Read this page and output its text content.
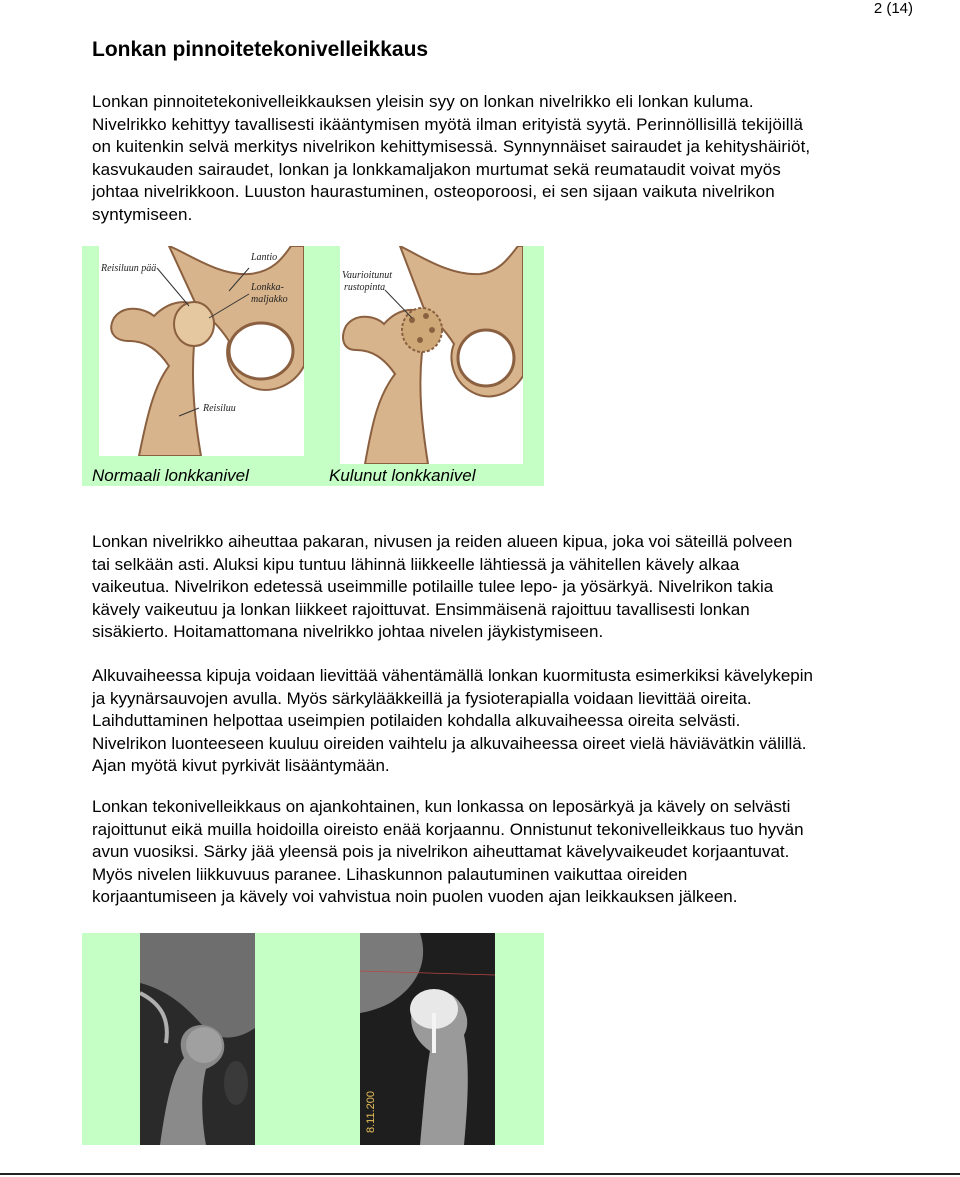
2 (14)
Lonkan pinnoitetekonivelleikkaus
Lonkan pinnoitetekonivelleikkauksen yleisin syy on lonkan nivelrikko eli lonkan kuluma.
Nivelrikko kehittyy tavallisesti ikääntymisen myötä ilman erityistä syytä. Perinnöllisillä tekijöillä
on kuitenkin selvä merkitys nivelrikon kehittymisessä. Synnynnäiset sairaudet ja kehityshäiriöt,
kasvukauden sairaudet, lonkan ja lonkkamaljakon murtumat sekä reumataudit voivat myös
johtaa nivelrikkoon. Luuston haurastuminen, osteoporoosi, ei sen sijaan vaikuta nivelrikon
syntymiseen.
Reisiluun pää
Lantio
Lonkka-
maljakko
Reisiluu
Vaurioitunut
rustopinta
Normaali lonkkanivel	Kulunut lonkkanivel
Lonkan nivelrikko aiheuttaa pakaran, nivusen ja reiden alueen kipua, joka voi säteillä polveen
tai selkään asti. Aluksi kipu tuntuu lähinnä liikkeelle lähtiessä ja vähitellen kävely alkaa
vaikeutua. Nivelrikon edetessä useimmille potilaille tulee lepo- ja yösärkyä. Nivelrikon takia
kävely vaikeutuu ja lonkan liikkeet rajoittuvat. Ensimmäisenä rajoittuu tavallisesti lonkan
sisäkierto. Hoitamattomana nivelrikko johtaa nivelen jäykistymiseen.
Alkuvaiheessa kipuja voidaan lievittää vähentämällä lonkan kuormitusta esimerkiksi kävelykepin
ja kyynärsauvojen avulla. Myös särkylääkkeillä ja fysioterapialla voidaan lievittää oireita.
Laihduttaminen helpottaa useimpien potilaiden kohdalla alkuvaiheessa oireita selvästi.
Nivelrikon luonteeseen kuuluu oireiden vaihtelu ja alkuvaiheessa oireet vielä häviävätkin välillä.
Ajan myötä kivut pyrkivät lisääntymään.
Lonkan tekonivelleikkaus on ajankohtainen, kun lonkassa on leposärkyä ja kävely on selvästi
rajoittunut eikä muilla hoidoilla oireisto enää korjaannu. Onnistunut tekonivelleikkaus tuo hyvän
avun vuosiksi. Särky jää yleensä pois ja nivelrikon aiheuttamat kävelyvaikeudet korjaantuvat.
Myös nivelen liikkuvuus paranee. Lihaskunnon palautuminen vaikuttaa oireiden
korjaantumiseen ja kävely voi vahvistua noin puolen vuoden ajan leikkauksen jälkeen.
8.11.200
